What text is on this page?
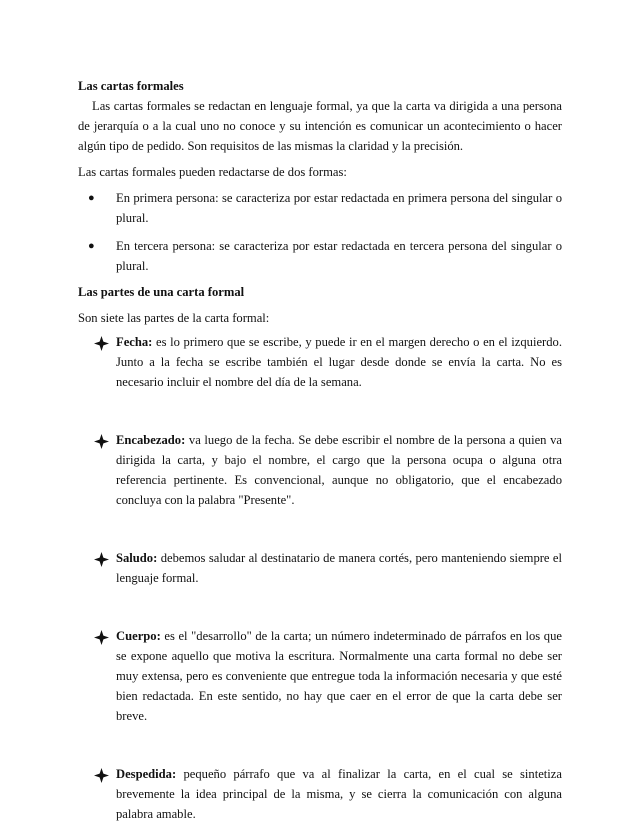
Las cartas formales

Las cartas formales se redactan en lenguaje formal, ya que la carta va dirigida a una persona de jerarquía o a la cual uno no conoce y su intención es comunicar un acontecimiento o hacer algún tipo de pedido. Son requisitos de las mismas la claridad y la precisión.

Las cartas formales pueden redactarse de dos formas:

● En primera persona: se caracteriza por estar redactada en primera persona del singular o plural.
● En tercera persona: se caracteriza por estar redactada en tercera persona del singular o plural.

Las partes de una carta formal

Son siete las partes de la carta formal:

Fecha: es lo primero que se escribe, y puede ir en el margen derecho o en el izquierdo. Junto a la fecha se escribe también el lugar desde donde se envía la carta. No es necesario incluir el nombre del día de la semana.
Encabezado: va luego de la fecha. Se debe escribir el nombre de la persona a quien va dirigida la carta, y bajo el nombre, el cargo que la persona ocupa o alguna otra referencia pertinente. Es convencional, aunque no obligatorio, que el encabezado concluya con la palabra "Presente".
Saludo: debemos saludar al destinatario de manera cortés, pero manteniendo siempre el lenguaje formal.
Cuerpo: es el "desarrollo" de la carta; un número indeterminado de párrafos en los que se expone aquello que motiva la escritura. Normalmente una carta formal no debe ser muy extensa, pero es conveniente que entregue toda la información necesaria y que esté bien redactada. En este sentido, no hay que caer en el error de que la carta debe ser breve.
Despedida: pequeño párrafo que va al finalizar la carta, en el cual se sintetiza brevemente la idea principal de la misma, y se cierra la comunicación con alguna palabra amable.
